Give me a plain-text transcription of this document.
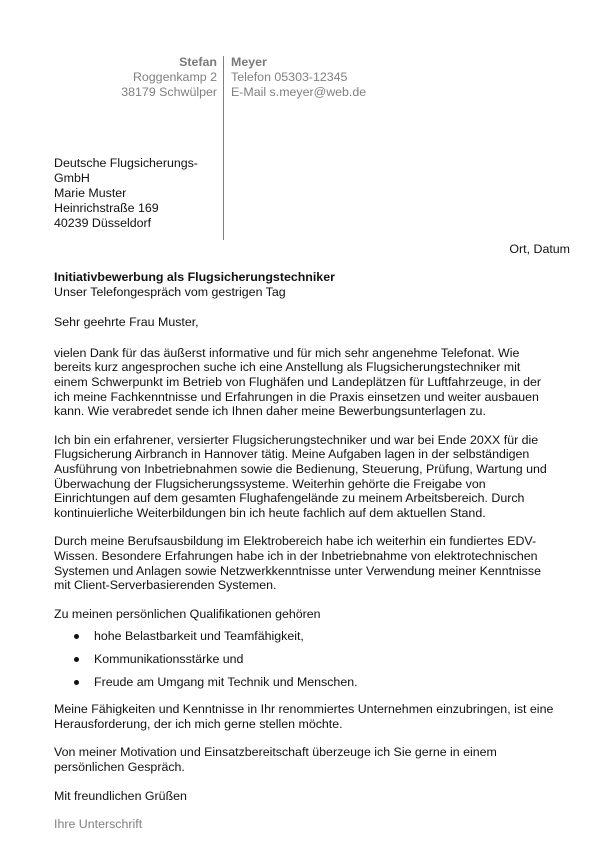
Stefan
Roggenkamp 2
38179 Schwülper
Meyer
Telefon 05303-12345
E-Mail s.meyer@web.de
Deutsche Flugsicherungs-GmbH
Marie Muster
Heinrichstraße 169
40239 Düsseldorf
Ort, Datum

Initiativbewerbung als Flugsicherungstechniker

Unser Telefongespräch vom gestrigen Tag

Sehr geehrte Frau Muster,

vielen Dank für das äußerst informative und für mich sehr angenehme Telefonat. Wie bereits kurz angesprochen suche ich eine Anstellung als Flugsicherungstechniker mit einem Schwerpunkt im Betrieb von Flughäfen und Landeplätzen für Luftfahrzeuge, in der ich meine Fachkenntnisse und Erfahrungen in die Praxis einsetzen und weiter ausbauen kann. Wie verabredet sende ich Ihnen daher meine Bewerbungsunterlagen zu.

Ich bin ein erfahrener, versierter Flugsicherungstechniker und war bei Ende 20XX für die Flugsicherung Airbranch in Hannover tätig. Meine Aufgaben lagen in der selbständigen Ausführung von Inbetriebnahmen sowie die Bedienung, Steuerung, Prüfung, Wartung und Überwachung der Flugsicherungssysteme. Weiterhin gehörte die Freigabe von Einrichtungen auf dem gesamten Flughafengelände zu meinem Arbeitsbereich. Durch kontinuierliche Weiterbildungen bin ich heute fachlich auf dem aktuellen Stand.

Durch meine Berufsausbildung im Elektrobereich habe ich weiterhin ein fundiertes EDV-Wissen. Besondere Erfahrungen habe ich in der Inbetriebnahme von elektrotechnischen Systemen und Anlagen sowie Netzwerkkenntnisse unter Verwendung meiner Kenntnisse mit Client-Serverbasierenden Systemen.

Zu meinen persönlichen Qualifikationen gehören

hohe Belastbarkeit und Teamfähigkeit,
Kommunikationsstärke und
Freude am Umgang mit Technik und Menschen.

Meine Fähigkeiten und Kenntnisse in Ihr renommiertes Unternehmen einzubringen, ist eine Herausforderung, der ich mich gerne stellen möchte.

Von meiner Motivation und Einsatzbereitschaft überzeuge ich Sie gerne in einem persönlichen Gespräch.

Mit freundlichen Grüßen

Ihre Unterschrift
